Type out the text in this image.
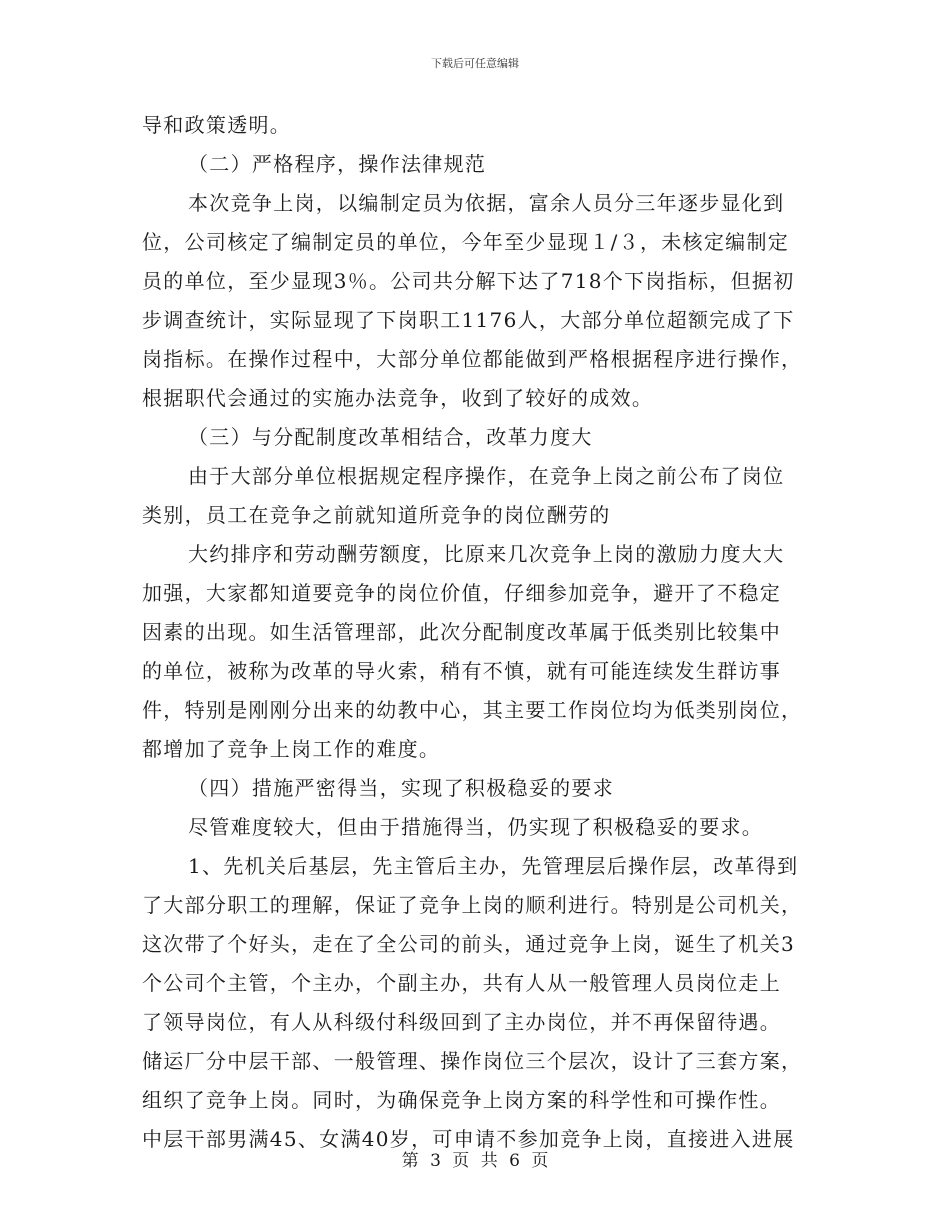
下载后可任意编辑
导和政策透明。
（二）严格程序，操作法律规范
本次竞争上岗，以编制定员为依据，富余人员分三年逐步显化到
位，公司核定了编制定员的单位，今年至少显现１/３，未核定编制定
员的单位，至少显现3％。公司共分解下达了718个下岗指标，但据初
步调查统计，实际显现了下岗职工1176人，大部分单位超额完成了下
岗指标。在操作过程中，大部分单位都能做到严格根据程序进行操作，
根据职代会通过的实施办法竞争，收到了较好的成效。
（三）与分配制度改革相结合，改革力度大
由于大部分单位根据规定程序操作，在竞争上岗之前公布了岗位
类别，员工在竞争之前就知道所竞争的岗位酬劳的
大约排序和劳动酬劳额度，比原来几次竞争上岗的激励力度大大
加强，大家都知道要竞争的岗位价值，仔细参加竞争，避开了不稳定
因素的出现。如生活管理部，此次分配制度改革属于低类别比较集中
的单位，被称为改革的导火索，稍有不慎，就有可能连续发生群访事
件，特别是刚刚分出来的幼教中心，其主要工作岗位均为低类别岗位，
都增加了竞争上岗工作的难度。
（四）措施严密得当，实现了积极稳妥的要求
尽管难度较大，但由于措施得当，仍实现了积极稳妥的要求。
1、先机关后基层，先主管后主办，先管理层后操作层，改革得到
了大部分职工的理解，保证了竞争上岗的顺利进行。特别是公司机关，
这次带了个好头，走在了全公司的前头，通过竞争上岗，诞生了机关3
个公司个主管，个主办，个副主办，共有人从一般管理人员岗位走上
了领导岗位，有人从科级付科级回到了主办岗位，并不再保留待遇。
储运厂分中层干部、一般管理、操作岗位三个层次，设计了三套方案，
组织了竞争上岗。同时，为确保竞争上岗方案的科学性和可操作性。
中层干部男满45、女满40岁，可申请不参加竞争上岗，直接进入进展
第 3 页 共 6 页
